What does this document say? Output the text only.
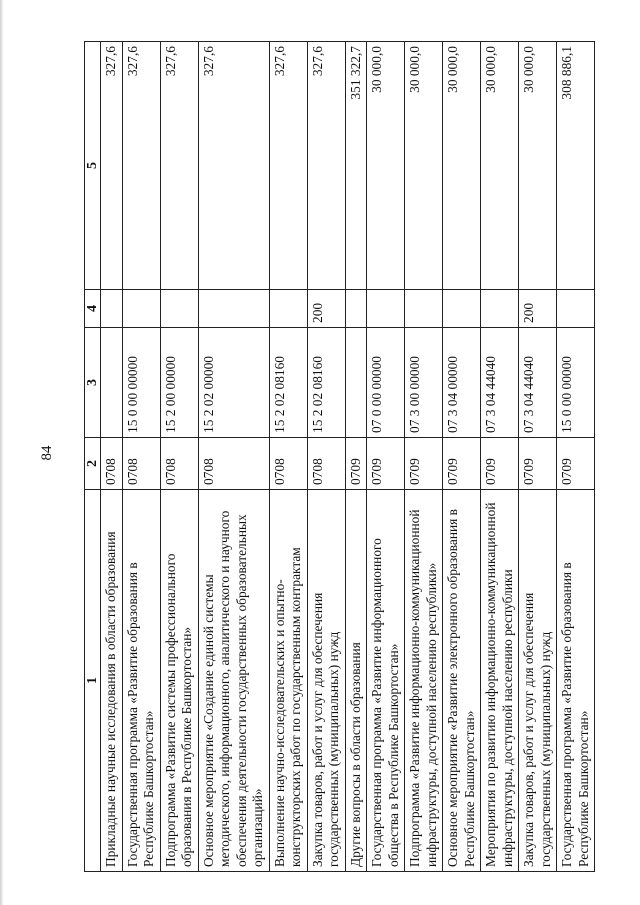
84
1	2	3	4	5
Прикладные научные исследования в области образования	0708			327,6
Государственная программа «Развитие образования в Республике Башкортостан»	0708	15 0 00 00000		327,6
Подпрограмма «Развитие системы профессионального образования в Республике Башкортостан»	0708	15 2 00 00000		327,6
Основное мероприятие «Создание единой системы методического, информационного, аналитического и научного обеспечения деятельности государственных образовательных организаций»	0708	15 2 02 00000		327,6
Выполнение научно-исследовательских и опытно-конструкторских работ по государственным контрактам	0708	15 2 02 08160		327,6
Закупка товаров, работ и услуг для обеспечения государственных (муниципальных) нужд	0708	15 2 02 08160	200	327,6
Другие вопросы в области образования	0709			351 322,7
Государственная программа «Развитие информационного общества в Республике Башкортостан»	0709	07 0 00 00000		30 000,0
Подпрограмма «Развитие информационно-коммуникационной инфраструктуры, доступной населению республики»	0709	07 3 00 00000		30 000,0
Основное мероприятие «Развитие электронного образования в Республике Башкортостан»	0709	07 3 04 00000		30 000,0
Мероприятия по развитию информационно-коммуникационной инфраструктуры, доступной населению республики	0709	07 3 04 44040		30 000,0
Закупка товаров, работ и услуг для обеспечения государственных (муниципальных) нужд	0709	07 3 04 44040	200	30 000,0
Государственная программа «Развитие образования в Республике Башкортостан»	0709	15 0 00 00000		308 886,1
